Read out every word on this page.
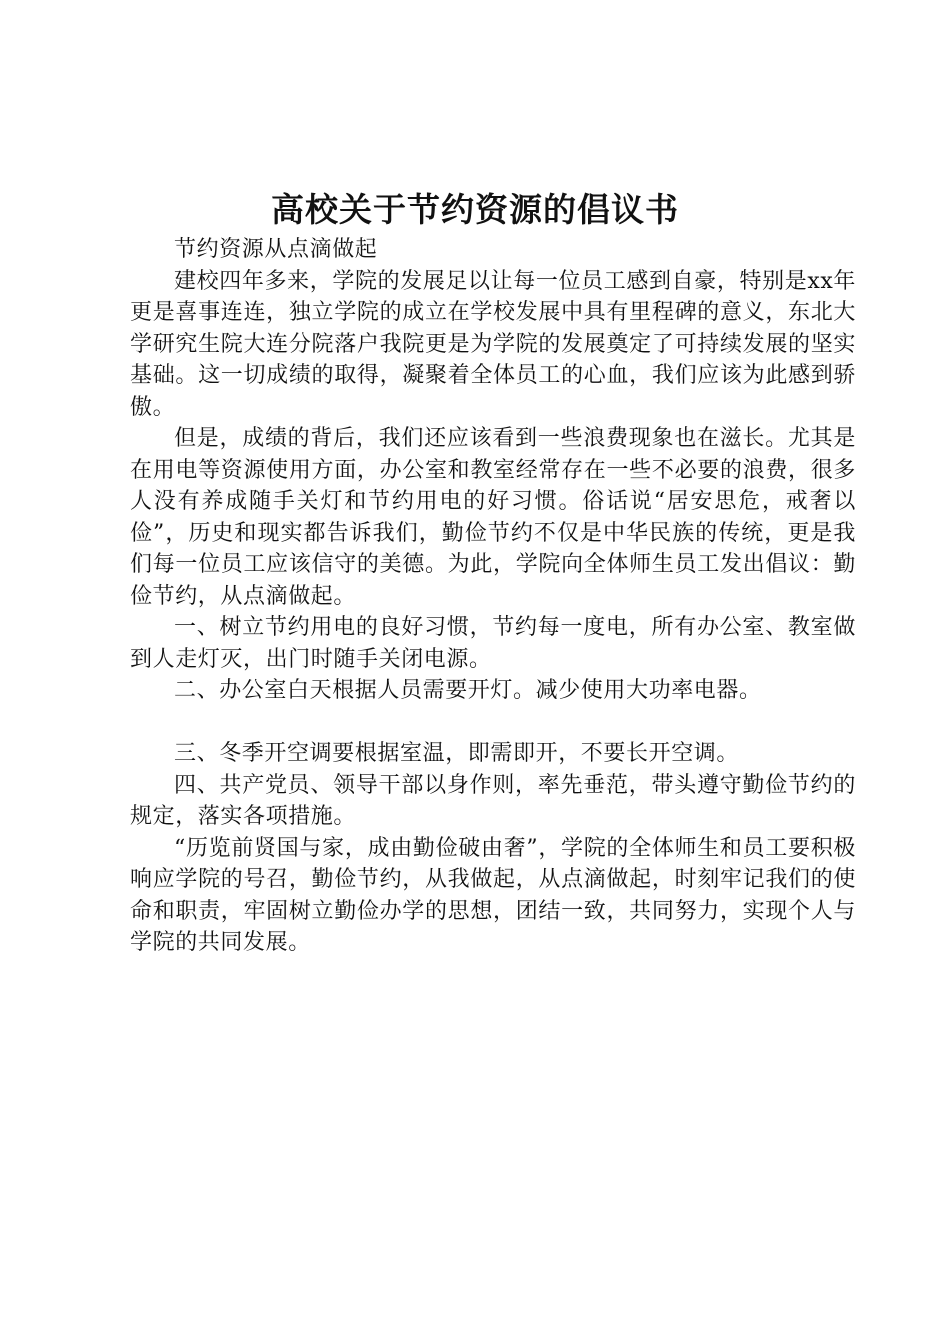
高校关于节约资源的倡议书

节约资源从点滴做起

建校四年多来，学院的发展足以让每一位员工感到自豪，特别是xx年更是喜事连连，独立学院的成立在学校发展中具有里程碑的意义，东北大学研究生院大连分院落户我院更是为学院的发展奠定了可持续发展的坚实基础。这一切成绩的取得，凝聚着全体员工的心血，我们应该为此感到骄傲。

但是，成绩的背后，我们还应该看到一些浪费现象也在滋长。尤其是在用电等资源使用方面，办公室和教室经常存在一些不必要的浪费，很多人没有养成随手关灯和节约用电的好习惯。俗话说“居安思危，戒奢以俭”，历史和现实都告诉我们，勤俭节约不仅是中华民族的传统，更是我们每一位员工应该信守的美德。为此，学院向全体师生员工发出倡议：勤俭节约，从点滴做起。

一、树立节约用电的良好习惯，节约每一度电，所有办公室、教室做到人走灯灭，出门时随手关闭电源。

二、办公室白天根据人员需要开灯。减少使用大功率电器。

三、冬季开空调要根据室温，即需即开，不要长开空调。

四、共产党员、领导干部以身作则，率先垂范，带头遵守勤俭节约的规定，落实各项措施。

“历览前贤国与家，成由勤俭破由奢”，学院的全体师生和员工要积极响应学院的号召，勤俭节约，从我做起，从点滴做起，时刻牢记我们的使命和职责，牢固树立勤俭办学的思想，团结一致，共同努力，实现个人与学院的共同发展。
